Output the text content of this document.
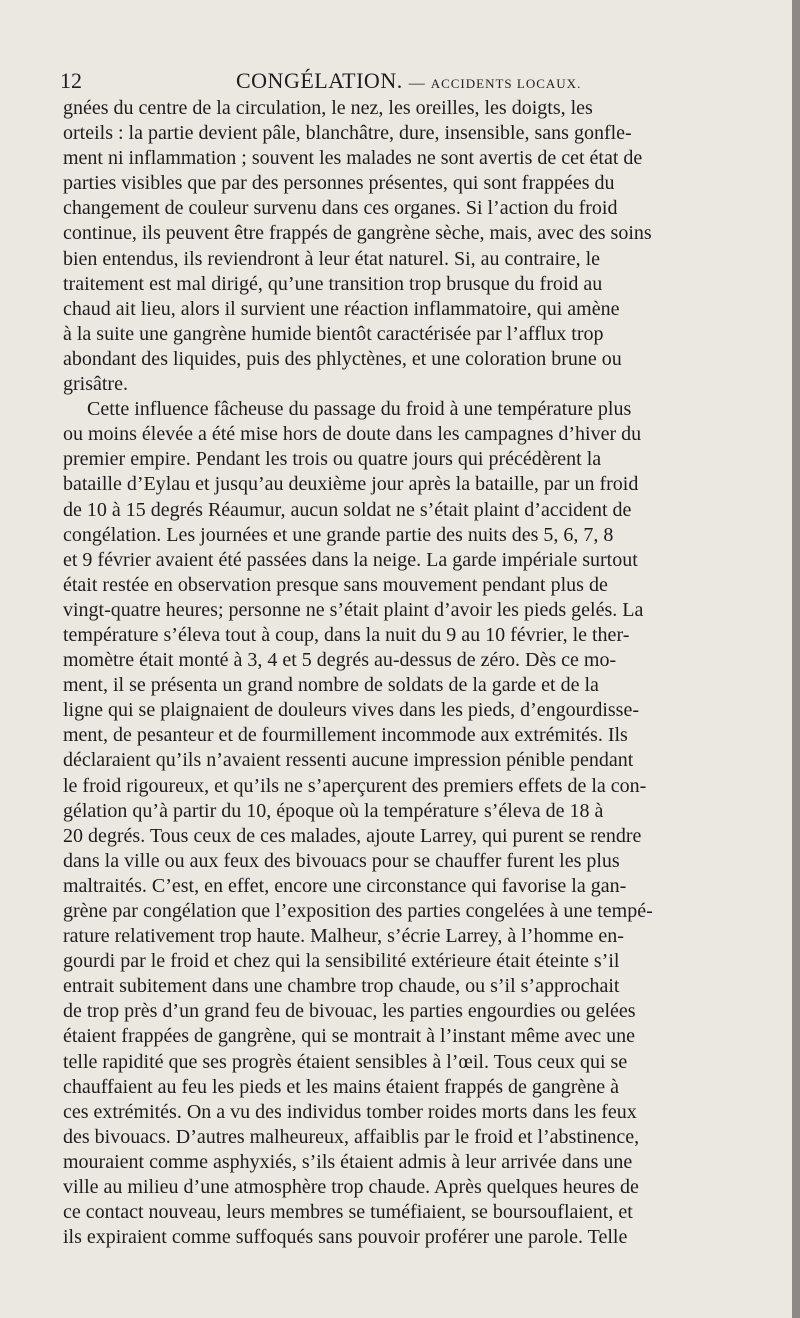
12	CONGÉLATION. — ACCIDENTS LOCAUX.
gnées du centre de la circulation, le nez, les oreilles, les doigts, les
orteils : la partie devient pâle, blanchâtre, dure, insensible, sans gonfle-
ment ni inflammation ; souvent les malades ne sont avertis de cet état de
parties visibles que par des personnes présentes, qui sont frappées du
changement de couleur survenu dans ces organes. Si l’action du froid
continue, ils peuvent être frappés de gangrène sèche, mais, avec des soins
bien entendus, ils reviendront à leur état naturel. Si, au contraire, le
traitement est mal dirigé, qu’une transition trop brusque du froid au
chaud ait lieu, alors il survient une réaction inflammatoire, qui amène
à la suite une gangrène humide bientôt caractérisée par l’afflux trop
abondant des liquides, puis des phlyctènes, et une coloration brune ou
grisâtre.
Cette influence fâcheuse du passage du froid à une température plus
ou moins élevée a été mise hors de doute dans les campagnes d’hiver du
premier empire. Pendant les trois ou quatre jours qui précédèrent la
bataille d’Eylau et jusqu’au deuxième jour après la bataille, par un froid
de 10 à 15 degrés Réaumur, aucun soldat ne s’était plaint d’accident de
congélation. Les journées et une grande partie des nuits des 5, 6, 7, 8
et 9 février avaient été passées dans la neige. La garde impériale surtout
était restée en observation presque sans mouvement pendant plus de
vingt-quatre heures; personne ne s’était plaint d’avoir les pieds gelés. La
température s’éleva tout à coup, dans la nuit du 9 au 10 février, le ther-
momètre était monté à 3, 4 et 5 degrés au-dessus de zéro. Dès ce mo-
ment, il se présenta un grand nombre de soldats de la garde et de la
ligne qui se plaignaient de douleurs vives dans les pieds, d’engourdisse-
ment, de pesanteur et de fourmillement incommode aux extrémités. Ils
déclaraient qu’ils n’avaient ressenti aucune impression pénible pendant
le froid rigoureux, et qu’ils ne s’aperçurent des premiers effets de la con-
gélation qu’à partir du 10, époque où la température s’éleva de 18 à
20 degrés. Tous ceux de ces malades, ajoute Larrey, qui purent se rendre
dans la ville ou aux feux des bivouacs pour se chauffer furent les plus
maltraités. C’est, en effet, encore une circonstance qui favorise la gan-
grène par congélation que l’exposition des parties congelées à une tempé-
rature relativement trop haute. Malheur, s’écrie Larrey, à l’homme en-
gourdi par le froid et chez qui la sensibilité extérieure était éteinte s’il
entrait subitement dans une chambre trop chaude, ou s’il s’approchait
de trop près d’un grand feu de bivouac, les parties engourdies ou gelées
étaient frappées de gangrène, qui se montrait à l’instant même avec une
telle rapidité que ses progrès étaient sensibles à l’œil. Tous ceux qui se
chauffaient au feu les pieds et les mains étaient frappés de gangrène à
ces extrémités. On a vu des individus tomber roides morts dans les feux
des bivouacs. D’autres malheureux, affaiblis par le froid et l’abstinence,
mouraient comme asphyxiés, s’ils étaient admis à leur arrivée dans une
ville au milieu d’une atmosphère trop chaude. Après quelques heures de
ce contact nouveau, leurs membres se tuméfiaient, se boursouflaient, et
ils expiraient comme suffoqués sans pouvoir proférer une parole. Telle
